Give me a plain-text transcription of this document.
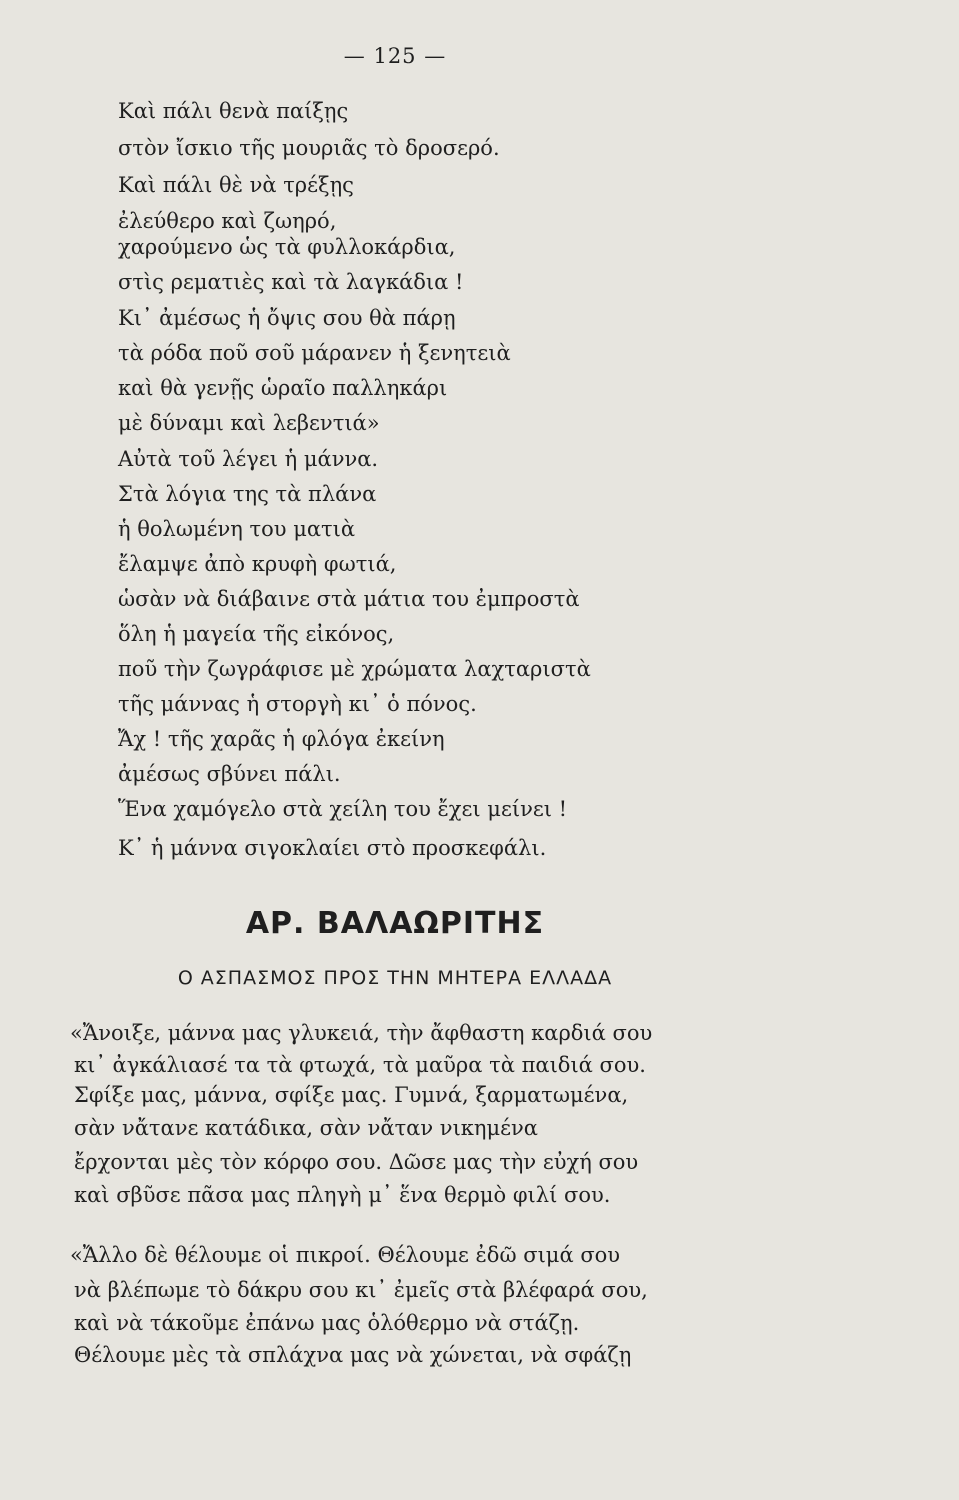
— 125 —
Καὶ πάλι θενὰ παίξῃς
στὸν ἴσκιο τῆς μουριᾶς τὸ δροσερό.
Καὶ πάλι θὲ νὰ τρέξῃς
ἐλεύθερο καὶ ζωηρό,
χαρούμενο ὡς τὰ φυλλοκάρδια,
στὶς ρεματιὲς καὶ τὰ λαγκάδια !
Κι᾿ ἀμέσως ἡ ὄψις σου θὰ πάρῃ
τὰ ρόδα ποῦ σοῦ μάρανεν ἡ ξενητειὰ
καὶ θὰ γενῇς ὡραῖο παλληκάρι
μὲ δύναμι καὶ λεβεντιά»
Αὐτὰ τοῦ λέγει ἡ μάννα.
Στὰ λόγια της τὰ πλάνα
ἡ θολωμένη του ματιὰ
ἔλαμψε ἀπὸ κρυφὴ φωτιά,
ὡσὰν νὰ διάβαινε στὰ μάτια του ἐμπροστὰ
ὅλη ἡ μαγεία τῆς εἰκόνος,
ποῦ τὴν ζωγράφισε μὲ χρώματα λαχταριστὰ
τῆς μάννας ἡ στοργὴ κι᾿ ὁ πόνος.
Ἄχ ! τῆς χαρᾶς ἡ φλόγα ἐκείνη
ἀμέσως σβύνει πάλι.
Ἕνα χαμόγελο στὰ χείλη του ἔχει μείνει !
Κ᾿ ἡ μάννα σιγοκλαίει στὸ προσκεφάλι.
ΑΡ. ΒΑΛΑΩΡΙΤΗΣ
Ο ΑΣΠΑΣΜΟΣ ΠΡΟΣ ΤΗΝ ΜΗΤΕΡΑ ΕΛΛΑΔΑ
«Ἄνοιξε, μάννα μας γλυκειά, τὴν ἄφθαστη καρδιά σου
κι᾿ ἀγκάλιασέ τα τὰ φτωχά, τὰ μαῦρα τὰ παιδιά σου.
Σφίξε μας, μάννα, σφίξε μας. Γυμνά, ξαρματωμένα,
σὰν νἄτανε κατάδικα, σὰν νἄταν νικημένα
ἔρχονται μὲς τὸν κόρφο σου. Δῶσε μας τὴν εὐχή σου
καὶ σβῦσε πᾶσα μας πληγὴ μ᾿ ἕνα θερμὸ φιλί σου.
«Ἄλλο δὲ θέλουμε οἱ πικροί. Θέλουμε ἐδῶ σιμά σου
νὰ βλέπωμε τὸ δάκρυ σου κι᾿ ἐμεῖς στὰ βλέφαρά σου,
καὶ νὰ τάκοῦμε ἐπάνω μας ὁλόθερμο νὰ στάζῃ.
Θέλουμε μὲς τὰ σπλάχνα μας νὰ χώνεται, νὰ σφάζῃ
